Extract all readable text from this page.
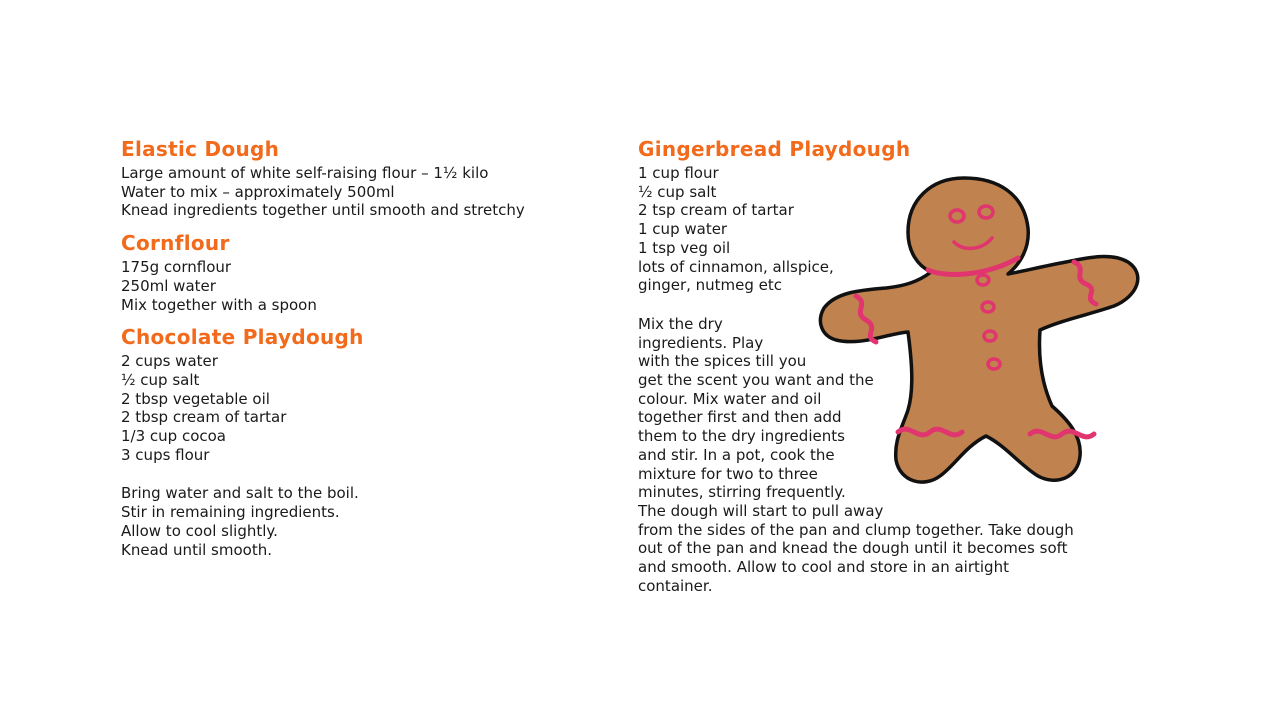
Elastic Dough
Large amount of white self-raising flour – 1½ kilo
Water to mix – approximately 500ml
Knead ingredients together until smooth and stretchy
Cornflour
175g cornflour
250ml water
Mix together with a spoon
Chocolate Playdough
2 cups water
½ cup salt
2 tbsp vegetable oil
2 tbsp cream of tartar
1/3 cup cocoa
3 cups flour
Bring water and salt to the boil.
Stir in remaining ingredients.
Allow to cool slightly.
Knead until smooth.
Gingerbread Playdough
1 cup flour
½ cup salt
2 tsp cream of tartar
1 cup water
1 tsp veg oil
lots of cinnamon, allspice,
ginger, nutmeg etc
Mix the dry
ingredients. Play
with the spices till you
get the scent you want and the
colour. Mix water and oil
together first and then add
them to the dry ingredients
and stir. In a pot, cook the
mixture for two to three
minutes, stirring frequently.
The dough will start to pull away
from the sides of the pan and clump together. Take dough
out of the pan and knead the dough until it becomes soft
and smooth. Allow to cool and store in an airtight
container.
